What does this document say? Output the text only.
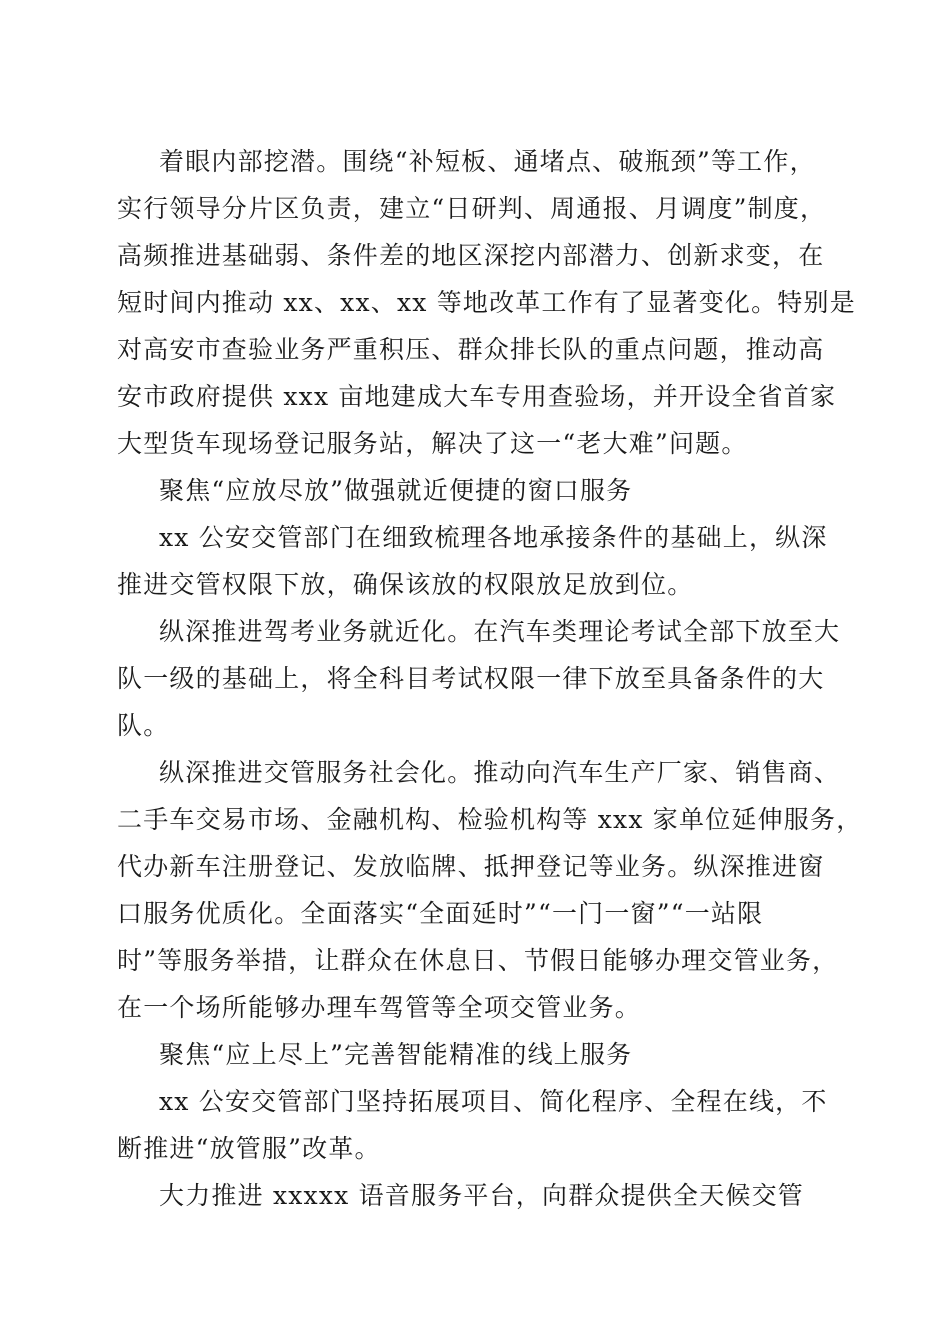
着眼内部挖潜。围绕“补短板、通堵点、破瓶颈”等工作，
实行领导分片区负责，建立“日研判、周通报、月调度”制度，
高频推进基础弱、条件差的地区深挖内部潜力、创新求变，在
短时间内推动 xx、xx、xx 等地改革工作有了显著变化。特别是
对高安市查验业务严重积压、群众排长队的重点问题，推动高
安市政府提供 xxx 亩地建成大车专用查验场，并开设全省首家
大型货车现场登记服务站，解决了这一“老大难”问题。
聚焦“应放尽放”做强就近便捷的窗口服务
xx 公安交管部门在细致梳理各地承接条件的基础上，纵深
推进交管权限下放，确保该放的权限放足放到位。
纵深推进驾考业务就近化。在汽车类理论考试全部下放至大
队一级的基础上，将全科目考试权限一律下放至具备条件的大
队。
纵深推进交管服务社会化。推动向汽车生产厂家、销售商、
二手车交易市场、金融机构、检验机构等 xxx 家单位延伸服务，
代办新车注册登记、发放临牌、抵押登记等业务。纵深推进窗
口服务优质化。全面落实“全面延时”“一门一窗”“一站限
时”等服务举措，让群众在休息日、节假日能够办理交管业务，
在一个场所能够办理车驾管等全项交管业务。
聚焦“应上尽上”完善智能精准的线上服务
xx 公安交管部门坚持拓展项目、简化程序、全程在线，不
断推进“放管服”改革。
大力推进 xxxxx 语音服务平台，向群众提供全天候交管
